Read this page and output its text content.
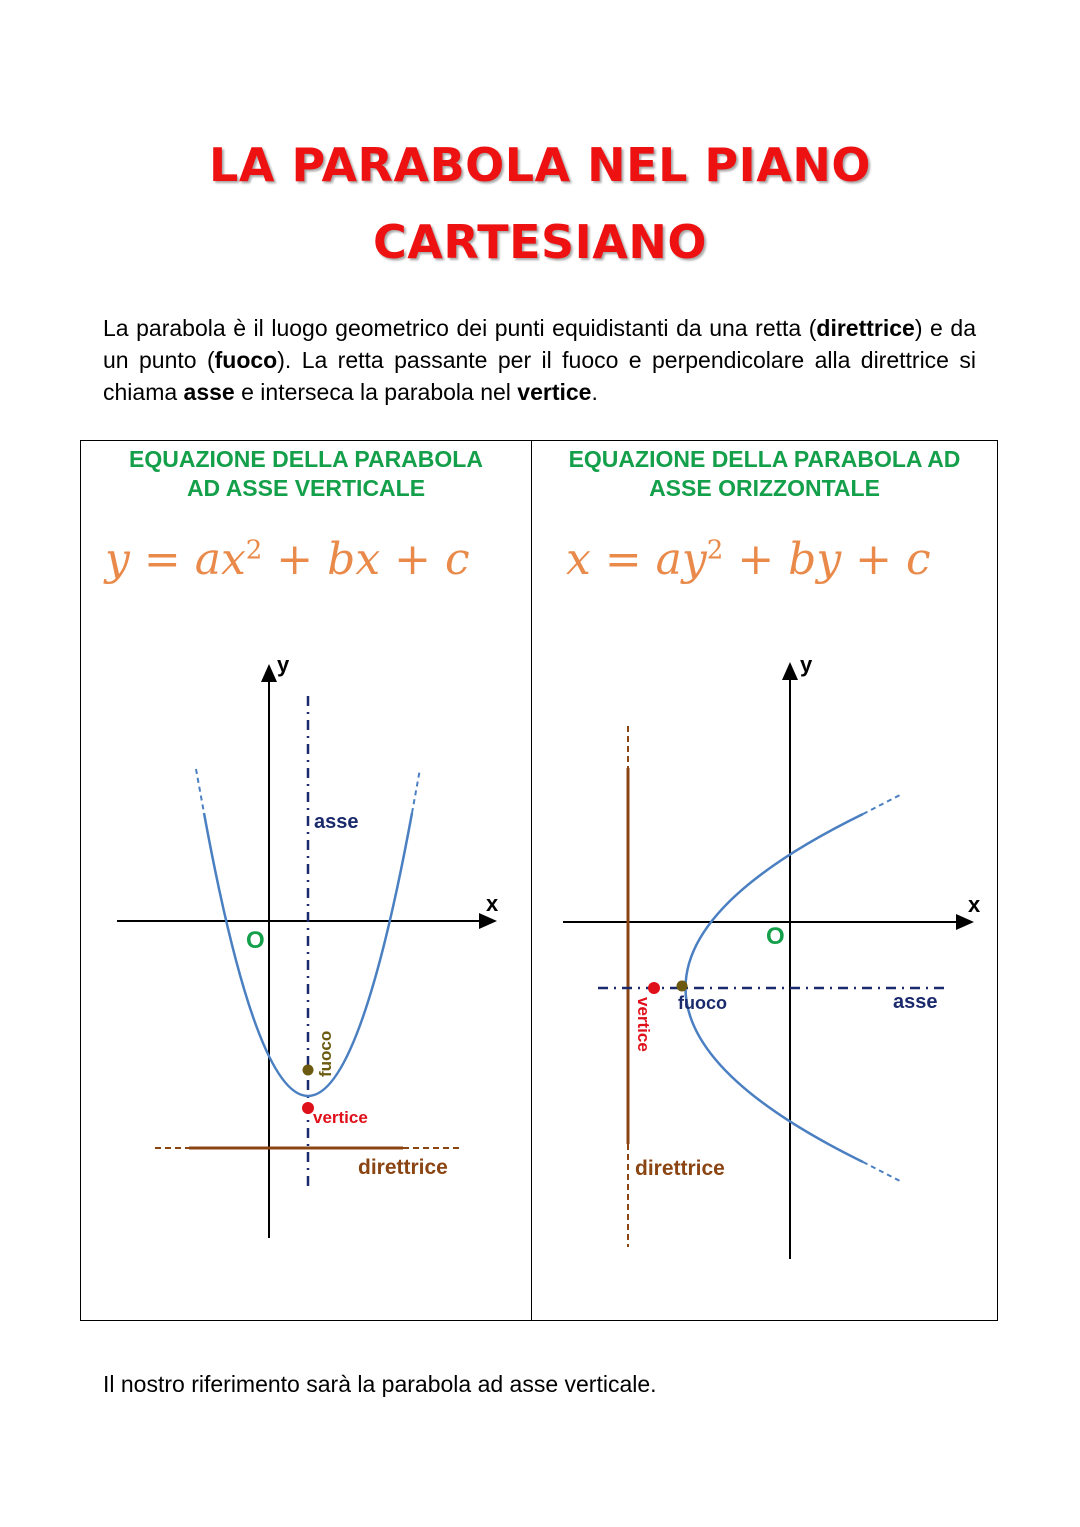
LA PARABOLA NEL PIANO
CARTESIANO

La parabola è il luogo geometrico dei punti equidistanti da una retta (direttrice) e da un punto (fuoco). La retta passante per il fuoco e perpendicolare alla direttrice si chiama asse e interseca la parabola nel vertice.

EQUAZIONE DELLA PARABOLA
AD ASSE VERTICALE
$y = ax^2$ + bx + c
y
x
O
asse
fuoco
vertice
direttrice
EQUAZIONE DELLA PARABOLA AD
ASSE ORIZZONTALE
$x = ay^2$ + by + c
y
x
O
fuoco	asse
vertice
direttrice

Il nostro riferimento sarà la parabola ad asse verticale.
